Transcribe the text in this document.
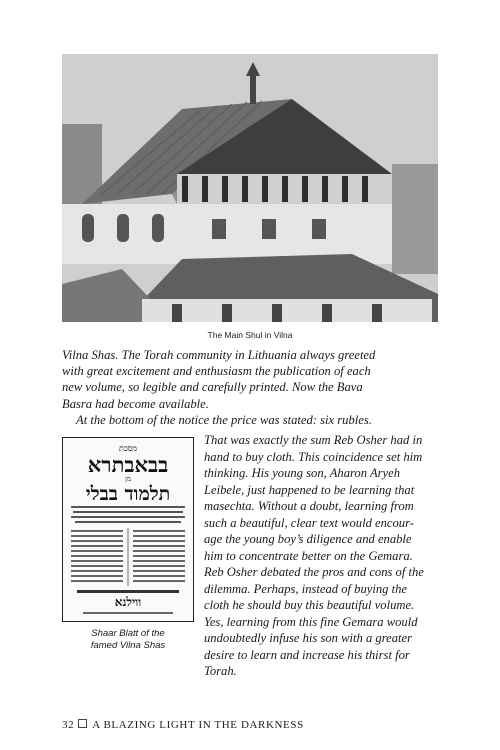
The Main Shul in Vilna
Vilna Shas. The Torah community in Lithuania always greeted
with great excitement and enthusiasm the publication of each
new volume, so legible and carefully printed. Now the Bava
Basra had become available.
At the bottom of the notice the price was stated: six rubles.
מסכת
בבאבתרא
מן
תלמוד בבלי
ווילנא
Shaar Blatt of the
famed Vilna Shas
That was exactly the sum Reb Osher had in
hand to buy cloth. This coincidence set him
thinking. His young son, Aharon Aryeh
Leibele, just happened to be learning that
masechta. Without a doubt, learning from
such a beautiful, clear text would encour-
age the young boy’s diligence and enable
him to concentrate better on the Gemara.
Reb Osher debated the pros and cons of the
dilemma. Perhaps, instead of buying the
cloth he should buy this beautiful volume.
Yes, learning from this fine Gemara would
undoubtedly infuse his son with a greater
desire to learn and increase his thirst for
Torah.
32 A BLAZING LIGHT IN THE DARKNESS
